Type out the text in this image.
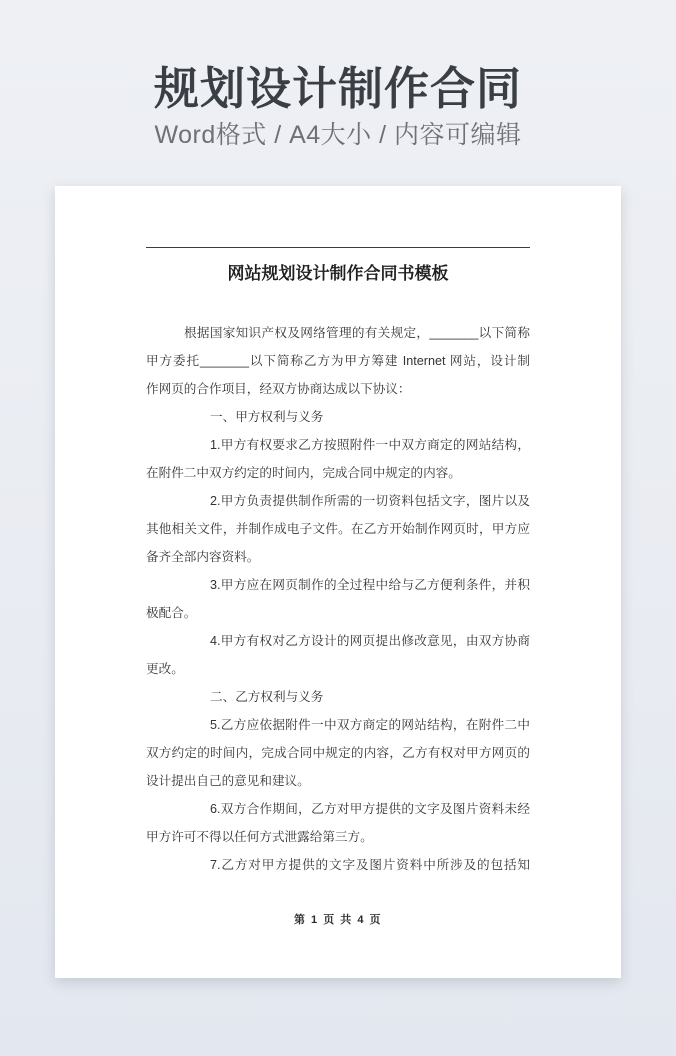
规划设计制作合同
Word格式 / A4大小 / 内容可编辑
网站规划设计制作合同书模板
根据国家知识产权及网络管理的有关规定，_______以下简称
甲方委托_______以下简称乙方为甲方筹建 Internet 网站，设计制
作网页的合作项目，经双方协商达成以下协议：
一、甲方权利与义务
1.甲方有权要求乙方按照附件一中双方商定的网站结构，
在附件二中双方约定的时间内，完成合同中规定的内容。
2.甲方负责提供制作所需的一切资料包括文字，图片以及
其他相关文件，并制作成电子文件。在乙方开始制作网页时，甲方应
备齐全部内容资料。
3.甲方应在网页制作的全过程中给与乙方便利条件，并积
极配合。
4.甲方有权对乙方设计的网页提出修改意见，由双方协商
更改。
二、乙方权利与义务
5.乙方应依据附件一中双方商定的网站结构，在附件二中
双方约定的时间内，完成合同中规定的内容，乙方有权对甲方网页的
设计提出自己的意见和建议。
6.双方合作期间，乙方对甲方提供的文字及图片资料未经
甲方许可不得以任何方式泄露给第三方。
7.乙方对甲方提供的文字及图片资料中所涉及的包括知
第 1 页 共 4 页
